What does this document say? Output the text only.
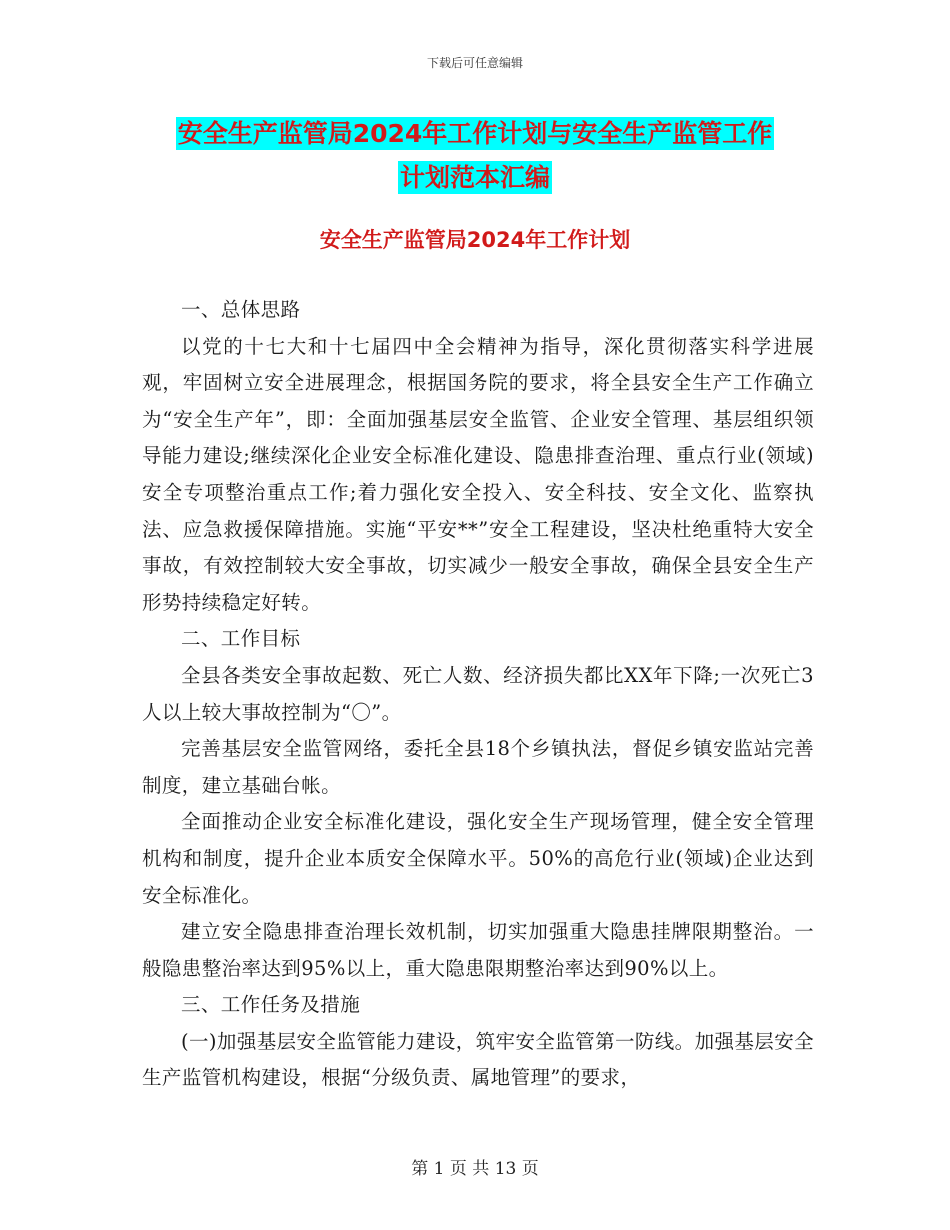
下载后可任意编辑
安全生产监管局2024年工作计划与安全生产监管工作
计划范本汇编
安全生产监管局2024年工作计划

一、总体思路

以党的十七大和十七届四中全会精神为指导，深化贯彻落实科学进展观，牢固树立安全进展理念，根据国务院的要求，将全县安全生产工作确立为“安全生产年”，即：全面加强基层安全监管、企业安全管理、基层组织领导能力建设;继续深化企业安全标准化建设、隐患排查治理、重点行业(领域)安全专项整治重点工作;着力强化安全投入、安全科技、安全文化、监察执法、应急救援保障措施。实施“平安**”安全工程建设，坚决杜绝重特大安全事故，有效控制较大安全事故，切实减少一般安全事故，确保全县安全生产形势持续稳定好转。

二、工作目标

全县各类安全事故起数、死亡人数、经济损失都比XX年下降;一次死亡3人以上较大事故控制为“〇”。

完善基层安全监管网络，委托全县18个乡镇执法，督促乡镇安监站完善制度，建立基础台帐。

全面推动企业安全标准化建设，强化安全生产现场管理，健全安全管理机构和制度，提升企业本质安全保障水平。50%的高危行业(领域)企业达到安全标准化。

建立安全隐患排查治理长效机制，切实加强重大隐患挂牌限期整治。一般隐患整治率达到95%以上，重大隐患限期整治率达到90%以上。

三、工作任务及措施

(一)加强基层安全监管能力建设，筑牢安全监管第一防线。加强基层安全生产监管机构建设，根据“分级负责、属地管理”的要求，

第 1 页 共 13 页
